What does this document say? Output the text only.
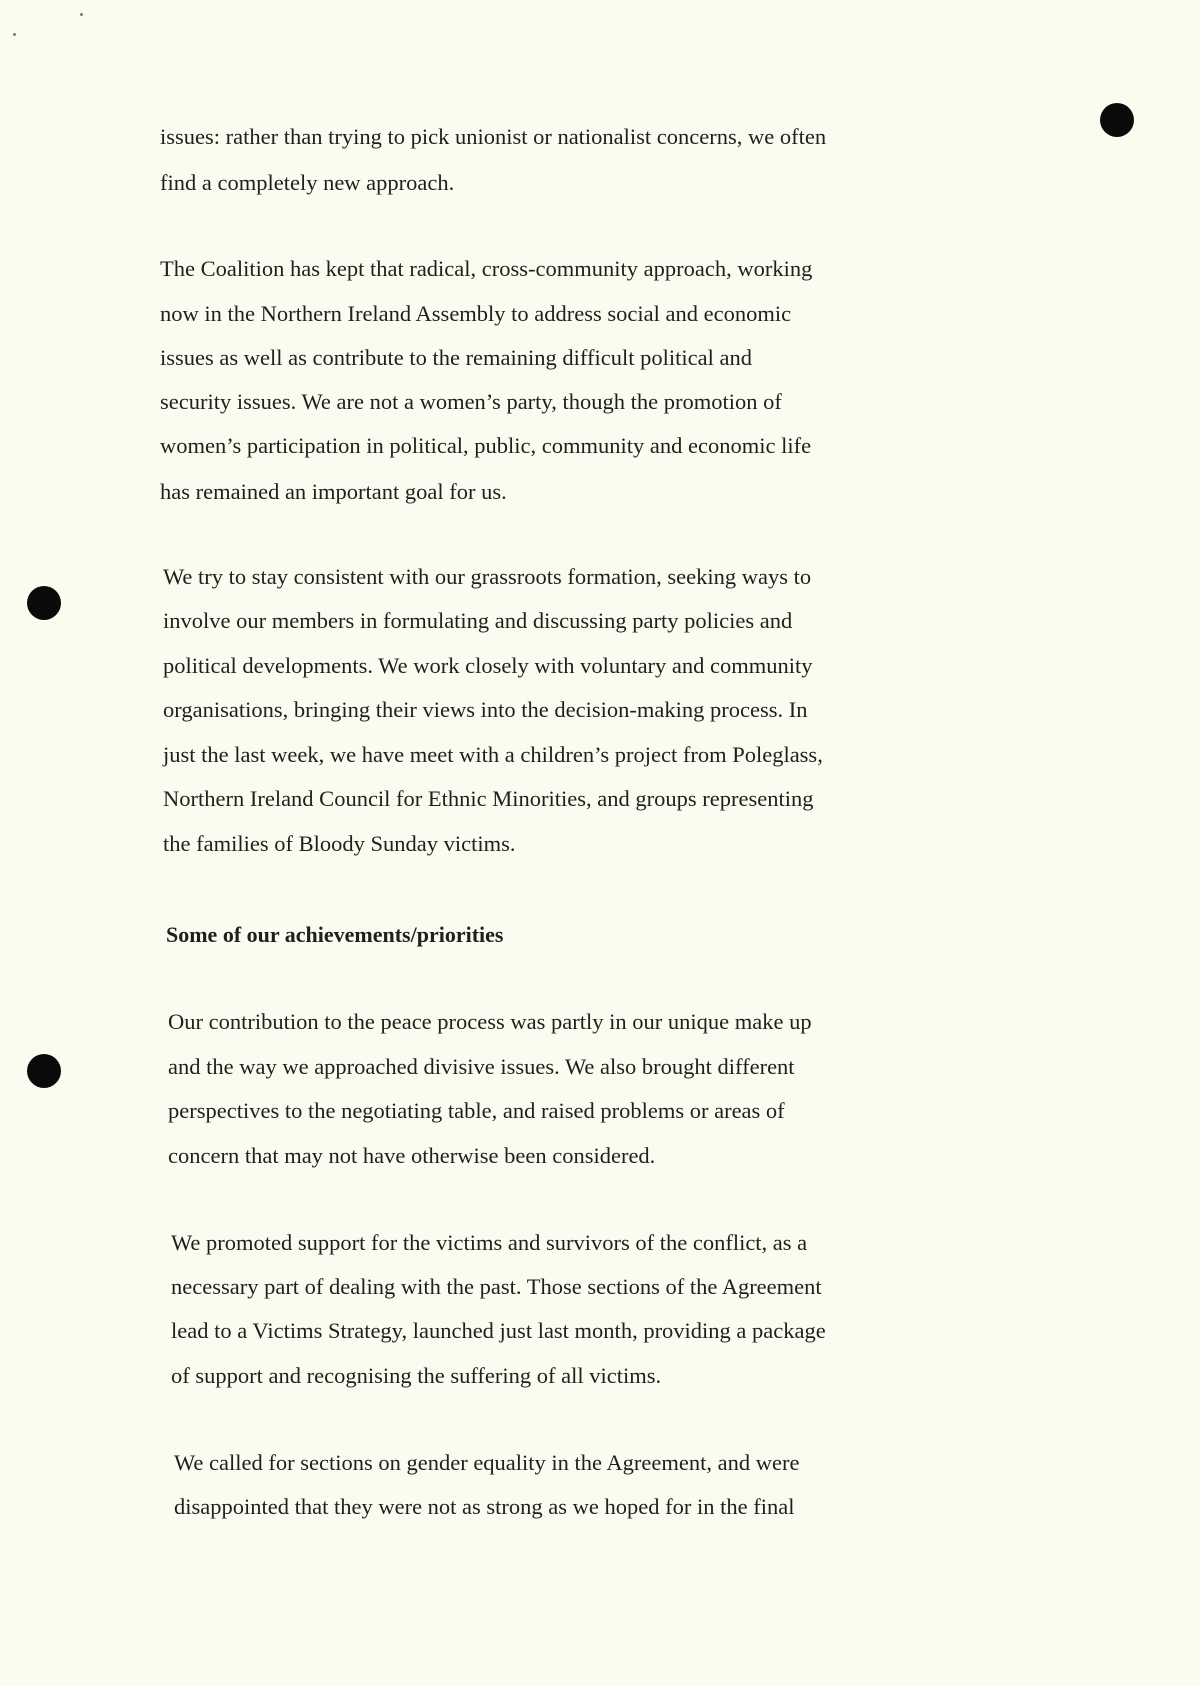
issues: rather than trying to pick unionist or nationalist concerns, we often

find a completely new approach.

The Coalition has kept that radical, cross-community approach, working

now in the Northern Ireland Assembly to address social and economic

issues as well as contribute to the remaining difficult political and

security issues. We are not a women’s party, though the promotion of

women’s participation in political, public, community and economic life

has remained an important goal for us.

We try to stay consistent with our grassroots formation, seeking ways to

involve our members in formulating and discussing party policies and

political developments. We work closely with voluntary and community

organisations, bringing their views into the decision-making process. In

just the last week, we have meet with a children’s project from Poleglass,

Northern Ireland Council for Ethnic Minorities, and groups representing

the families of Bloody Sunday victims.

Some of our achievements/priorities

Our contribution to the peace process was partly in our unique make up

and the way we approached divisive issues. We also brought different

perspectives to the negotiating table, and raised problems or areas of

concern that may not have otherwise been considered.

We promoted support for the victims and survivors of the conflict, as a

necessary part of dealing with the past. Those sections of the Agreement

lead to a Victims Strategy, launched just last month, providing a package

of support and recognising the suffering of all victims.

We called for sections on gender equality in the Agreement, and were

disappointed that they were not as strong as we hoped for in the final
